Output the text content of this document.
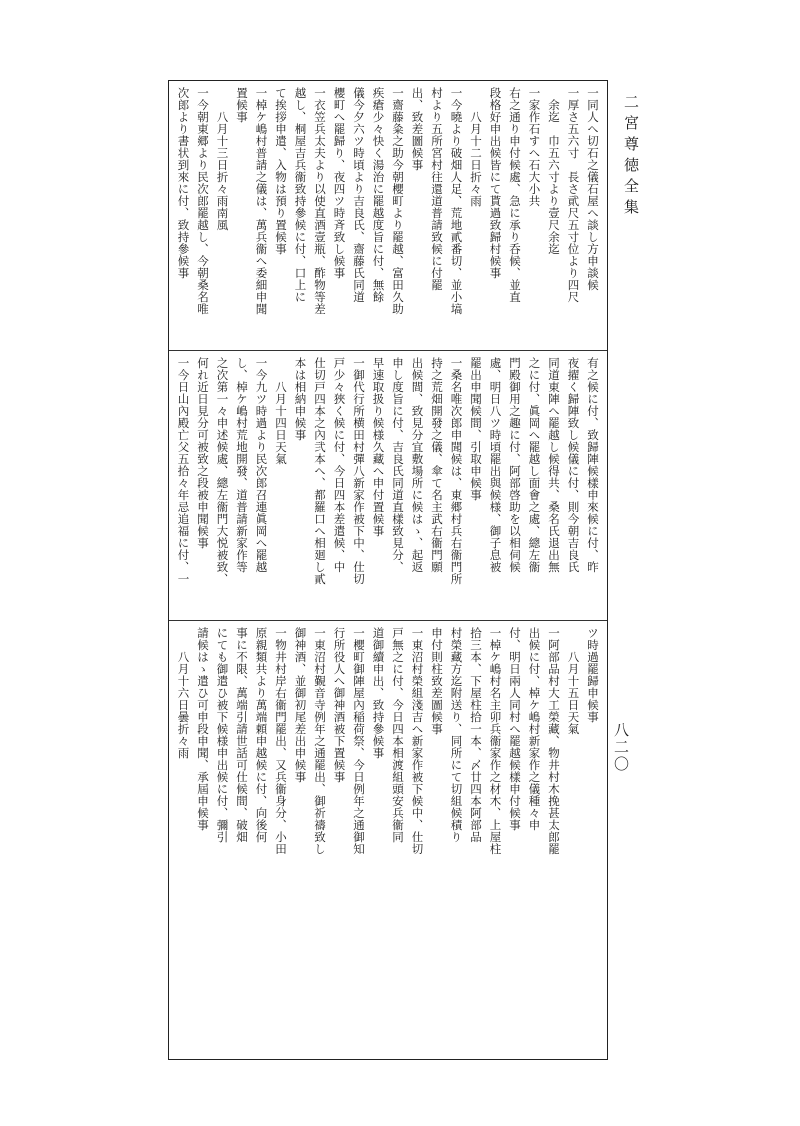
二宮尊徳全集
八二〇
一同人へ切石之儀石屋へ談し方申談候
一厚さ五六寸　長さ貮尺五寸位より四尺
　余迄　巾五六寸より壹尺余迄
一家作石すへ石大小共
右之通り申付候處、急に承り呑候、並直
段格好申出候皆にて貰過致歸村候事
　　八月十二日折々雨
一今曉より破畑人足、荒地貳番切、並小塙
村より五所宮村往還道普請致候に付罷
出、致差圖候事
一齋藤粂之助今朝櫻町より罷越、富田久助
疾瘡少々快く湯治に罷越度旨に付、無餘
儀今夕六ツ時頃より吉良氏、齋藤氏同道
櫻町へ罷歸り、夜四ツ時斉致し候事
一衣笠兵太夫より以使直酒壹瓶、酢物等差
越し、桐屋吉兵衞致持參候に付、口上に
て挨拶申遣、入物は預り置候事
一棹ケ嶋村普請之儀は、萬兵衞へ委細申聞
置候事
　　八月十三日折々雨南風
一今朝東郷より民次郎罷越し、今朝桑名唯
次郎より書状到來に付、致持參候事
有之候に付、致歸陣候樣申來候に付、昨
夜擢く歸陣致し候儀に付、則今朝吉良氏
同道東陣へ罷越し候得共、桑名氏退出無
之に付、眞岡へ罷越し面會之處、總左衞
門殿御用之趣に付、阿部啓助を以相伺候
處、明日八ツ時頃罷出與候様、御子息被
罷出申聞候間、引取申候事
一桑名唯次郎申聞候は、東郷村兵右衞門所
持之荒畑開發之儀、傘て名主武右衞門願
出候間、致見分宜敷場所に候はゝ、起返
申し度旨に付、吉良氏同道直樣致見分、
早速取扱り候様久藏へ申付置候事
一御代行所横田村彈八新家作被下中、仕切
戸少々狹く候に付、今日四本差遣候、中
仕切戸四本之內弐本へ、都羅口へ相廻し貳
本は相納申候事
　　八月十四日天氣
一今九ツ時過より民次郎召連眞岡へ罷越
し、棹ケ嶋村荒地開發、道普請新家作等
之次第一々申述候處、總左衞門大悦被致、
何れ近日見分可被致之段被申聞候事
一今日山內殿亡父五拾々年忌追福に付、一
ツ時過罷歸申候事
　　八月十五日天氣
一阿部品村大工榮藏、物井村木挽甚太郎罷
出候に付、棹ケ嶋村新家作之儀種々申
付、明日兩人同村へ罷越候樣申付候事
一棹ケ嶋村名主卯兵衞家作之材木、上屋柱
拾三本、下屋柱拾一本、〆廿四本阿部品
村榮藏方迄附送り、同所にて切組候積り
申付則柱致差圖候事
一東沼村榮組淺吉へ新家作被下候中、仕切
戸無之に付、今日四本相渡組頭安兵衞同
道御續申出、致持參候事
一櫻町御陣屋內稲荷祭、今日例年之通御知
行所役人へ御神酒被下置候事
一東沼村覲音寺例年之通罷出、御祈禱致し
御神酒、並御初尾差出申候事
一物井村岸右衞門罷出、又兵衞身分、小田
原親類共より萬端頼申越候に付、向後何
事に不限、萬端引請世話可仕候間、破畑
にても御遣ひ被下候様申出候に付、彌引
請候はゝ遣ひ可申段申聞、承屆申候事
　　八月十六日曇折々雨
